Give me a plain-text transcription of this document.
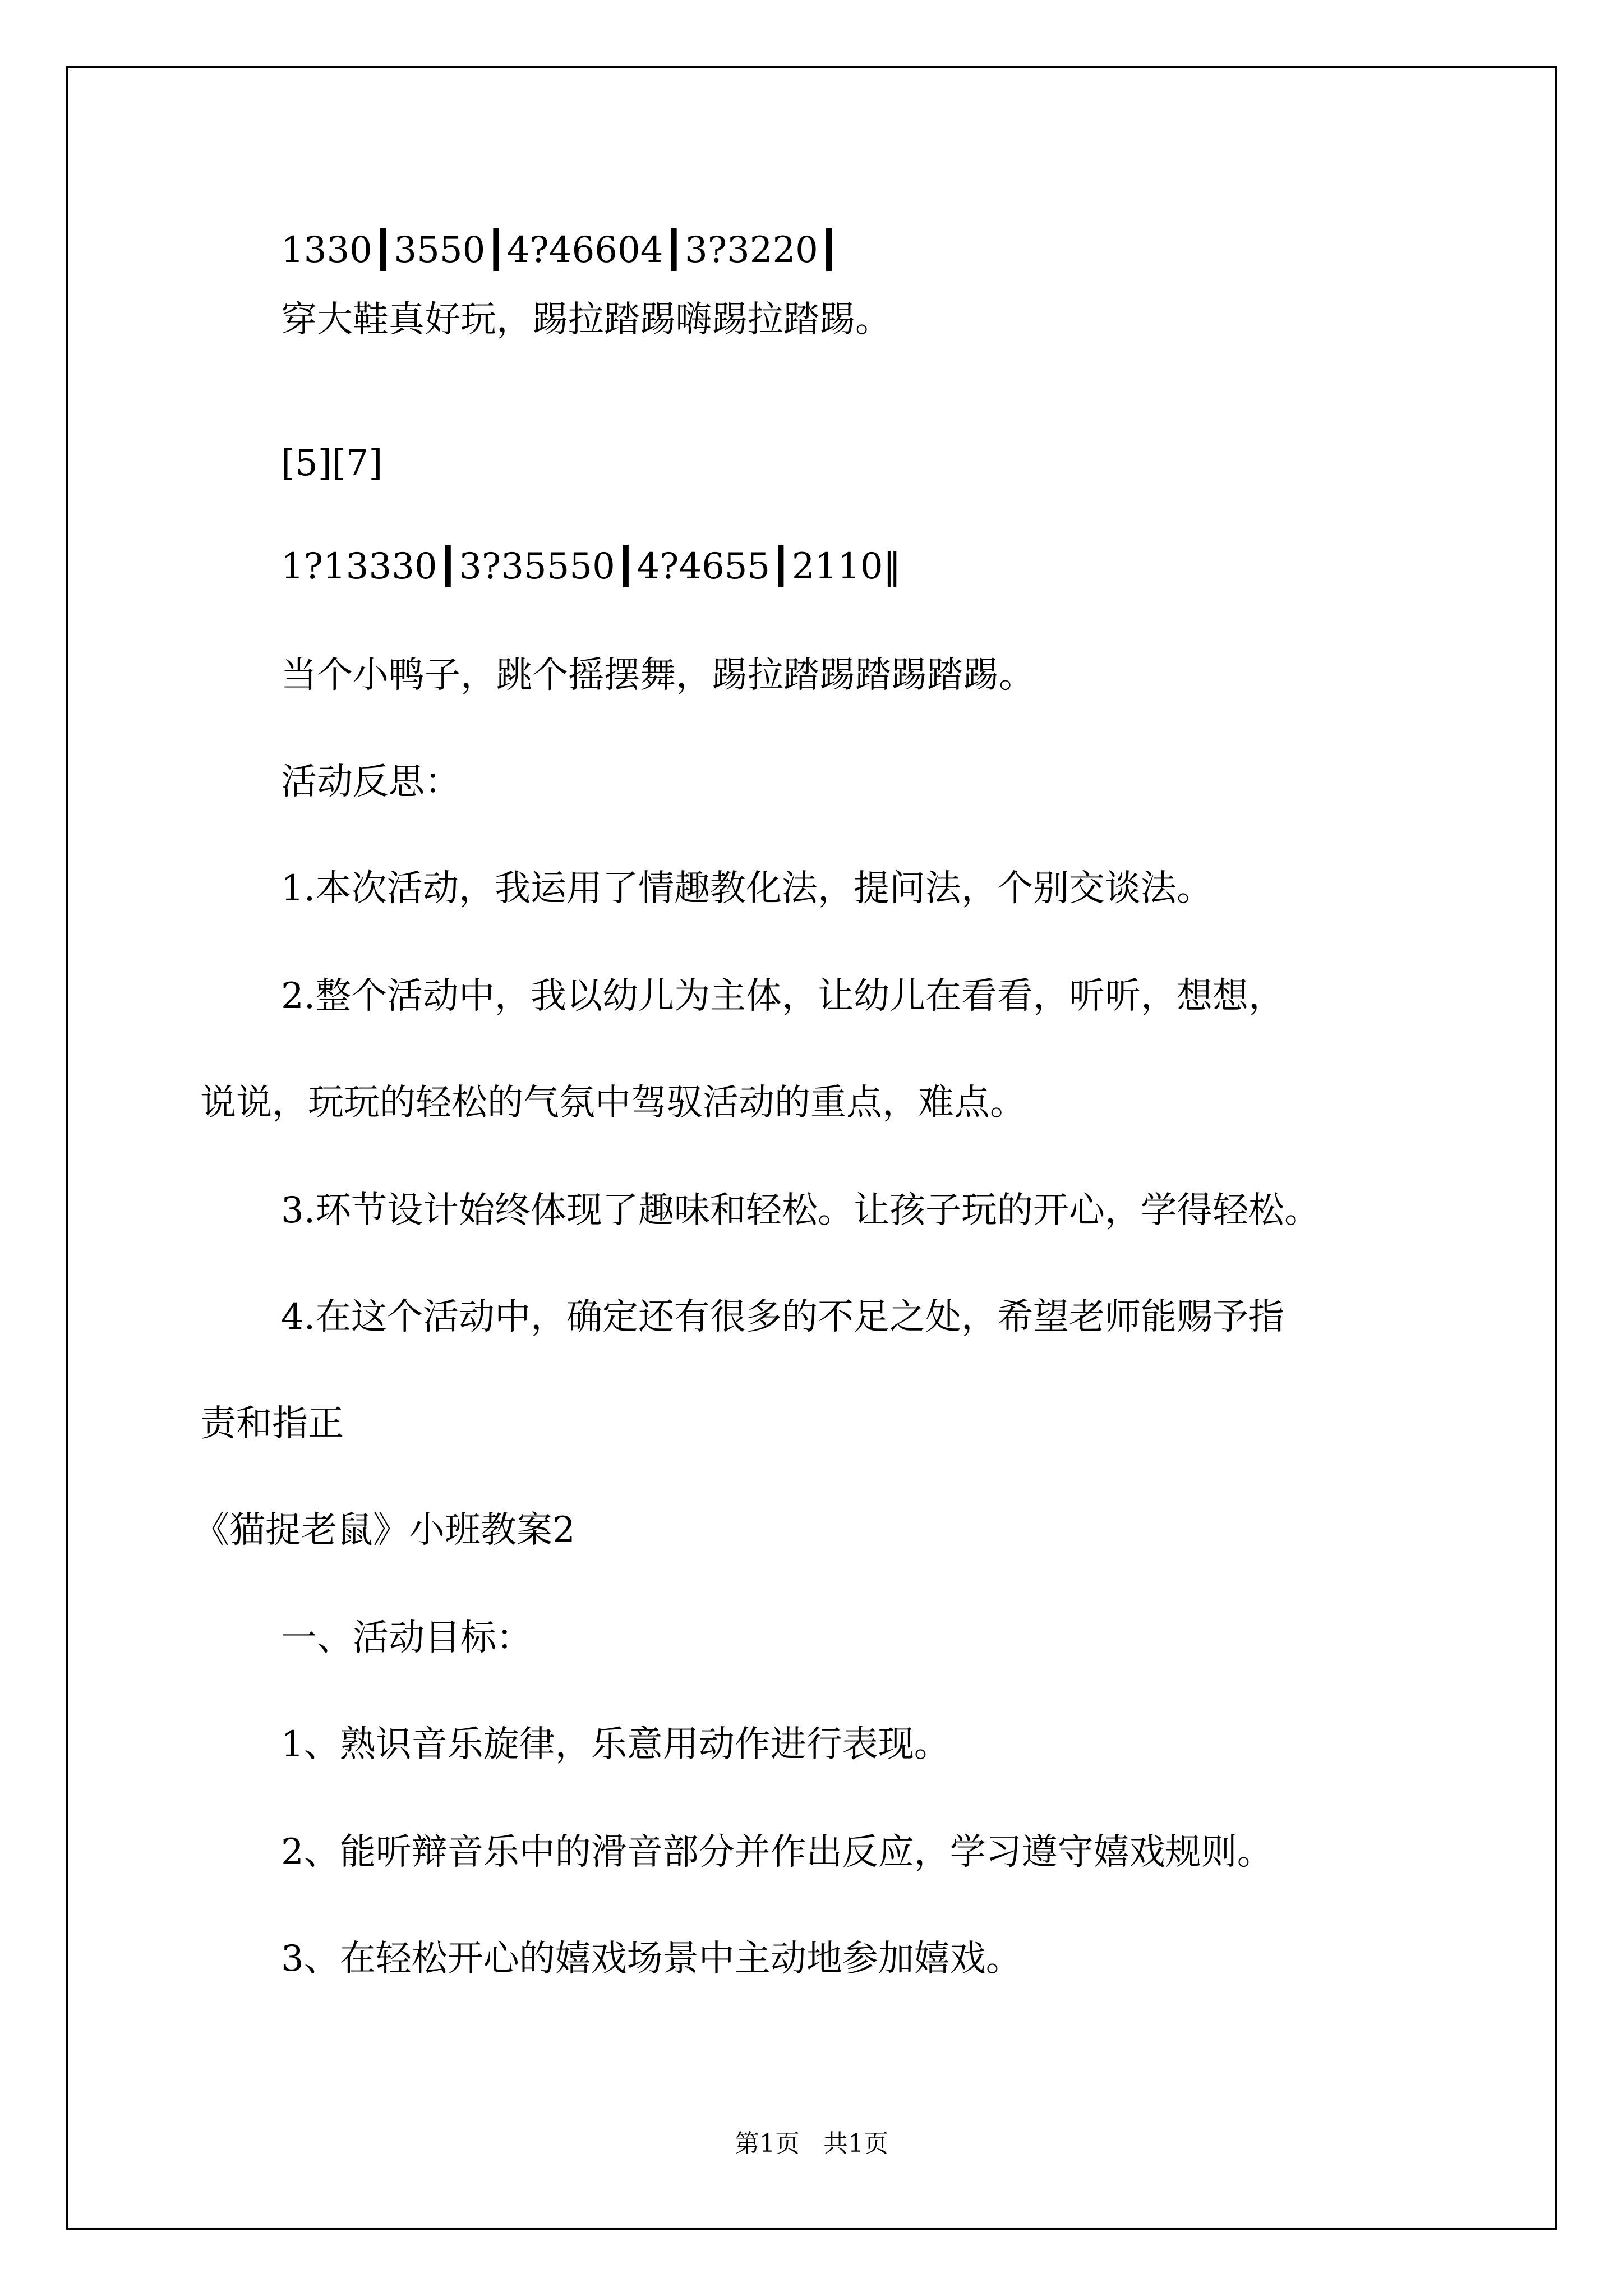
1330┃3550┃4?46604┃3?3220┃
穿大鞋真好玩，踢拉踏踢嗨踢拉踏踢。
[5][7]
1?13330┃3?35550┃4?4655┃2110‖
当个小鸭子，跳个摇摆舞，踢拉踏踢踏踢踏踢。
活动反思：
1.本次活动，我运用了情趣教化法，提问法，个别交谈法。
2.整个活动中，我以幼儿为主体，让幼儿在看看，听听，想想，
说说，玩玩的轻松的气氛中驾驭活动的重点，难点。
3.环节设计始终体现了趣味和轻松。让孩子玩的开心，学得轻松。
4.在这个活动中，确定还有很多的不足之处，希望老师能赐予指
责和指正
《猫捉老鼠》小班教案2
一、活动目标：
1、熟识音乐旋律，乐意用动作进行表现。
2、能听辩音乐中的滑音部分并作出反应，学习遵守嬉戏规则。
3、在轻松开心的嬉戏场景中主动地参加嬉戏。
第1页   共1页
